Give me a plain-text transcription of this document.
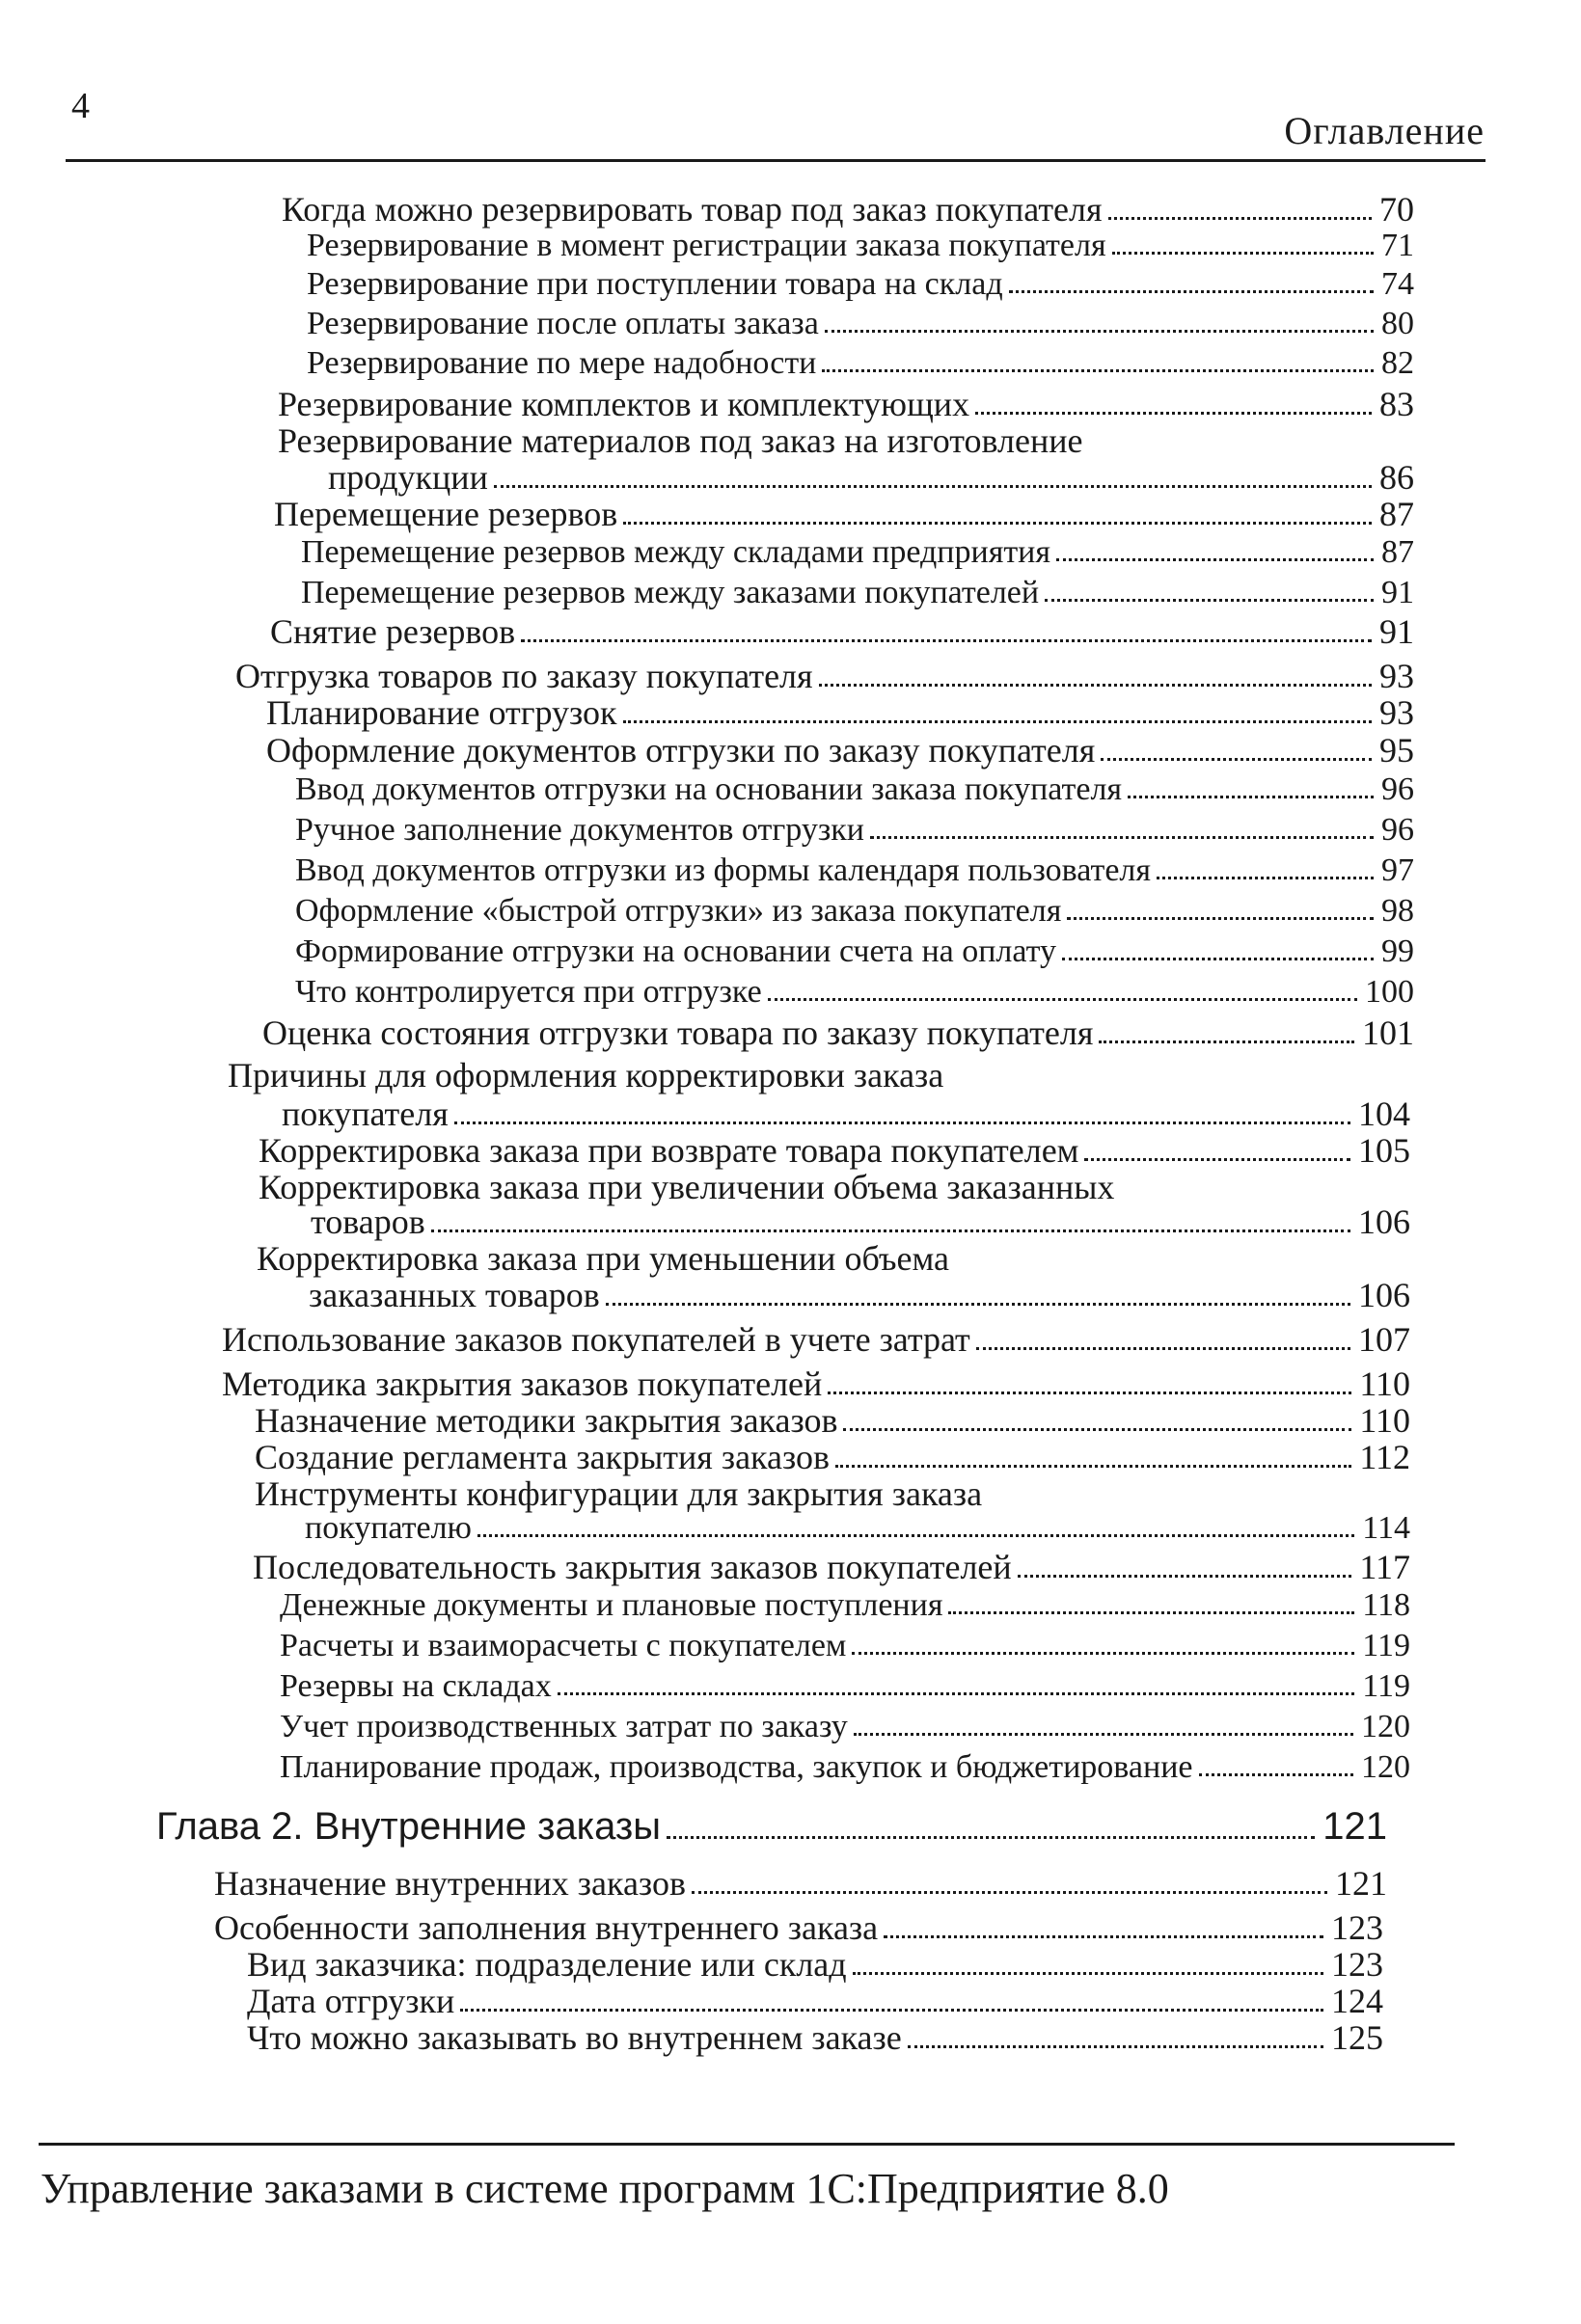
4
Оглавление
Когда можно резервировать товар под заказ покупателя	70
Резервирование в момент регистрации заказа покупателя	71
Резервирование при поступлении товара на склад	74
Резервирование после оплаты заказа	80
Резервирование по мере надобности	82
Резервирование комплектов и комплектующих	83
Резервирование материалов под заказ на изготовление
продукции	86
Перемещение резервов	87
Перемещение резервов между складами предприятия	87
Перемещение резервов между заказами покупателей	91
Снятие резервов	91
Отгрузка товаров по заказу покупателя	93
Планирование отгрузок	93
Оформление документов отгрузки по заказу покупателя	95
Ввод документов отгрузки на основании заказа покупателя	96
Ручное заполнение документов отгрузки	96
Ввод документов отгрузки из формы календаря пользователя	97
Оформление «быстрой отгрузки» из заказа покупателя	98
Формирование отгрузки на основании счета на оплату	99
Что контролируется при отгрузке	100
Оценка состояния отгрузки товара по заказу покупателя	101
Причины для оформления корректировки заказа
покупателя	104
Корректировка заказа при возврате товара покупателем	105
Корректировка заказа при увеличении объема заказанных
товаров	106
Корректировка заказа при уменьшении объема
заказанных товаров	106
Использование заказов покупателей в учете затрат	107
Методика закрытия заказов покупателей	110
Назначение методики закрытия заказов	110
Создание регламента закрытия заказов	112
Инструменты конфигурации для закрытия заказа
покупателю	114
Последовательность закрытия заказов покупателей	117
Денежные документы и плановые поступления	118
Расчеты и взаиморасчеты с покупателем	119
Резервы на складах	119
Учет производственных затрат по заказу	120
Планирование продаж, производства, закупок и бюджетирование	120
Глава 2. Внутренние заказы	121
Назначение внутренних заказов	121
Особенности заполнения внутреннего заказа	123
Вид заказчика: подразделение или склад	123
Дата отгрузки	124
Что можно заказывать во внутреннем заказе	125
Управление заказами в системе программ 1С:Предприятие 8.0
